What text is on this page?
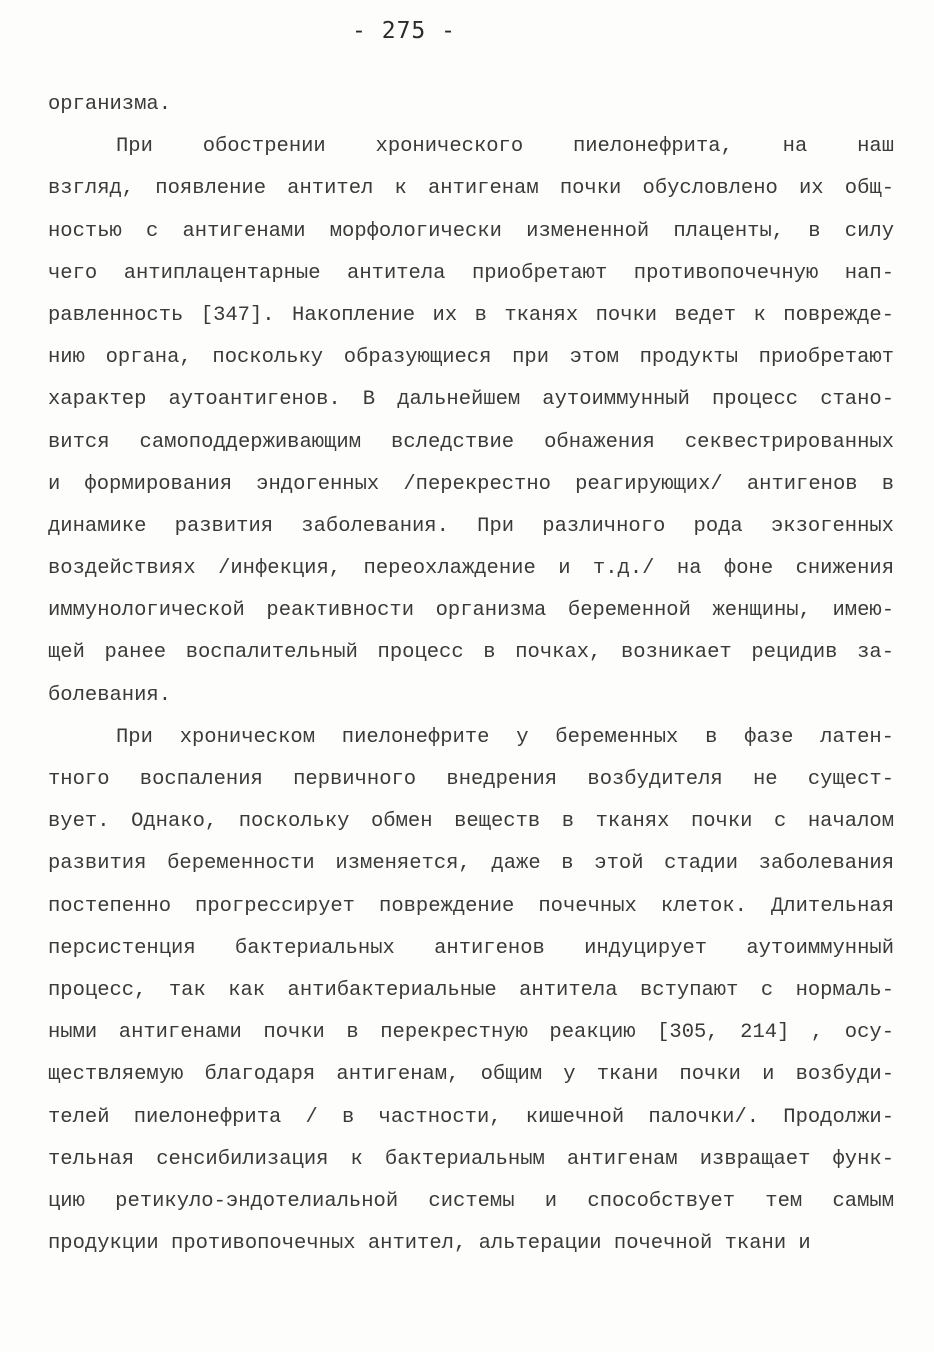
- 275 -
организма.
При обострении хронического пиелонефрита, на наш
взгляд, появление антител к антигенам почки обусловлено их общ-
ностью с антигенами морфологически измененной плаценты, в силу
чего антиплацентарные антитела приобретают противопочечную нап-
равленность [347]. Накопление их в тканях почки ведет к поврежде-
нию органа, поскольку образующиеся при этом продукты приобретают
характер аутоантигенов. В дальнейшем аутоиммунный процесс стано-
вится самоподдерживающим вследствие обнажения секвестрированных
и формирования эндогенных /перекрестно реагирующих/ антигенов в
динамике развития заболевания. При различного рода экзогенных
воздействиях /инфекция, переохлаждение и т.д./ на фоне снижения
иммунологической реактивности организма беременной женщины, имею-
щей ранее воспалительный процесс в почках, возникает рецидив за-
болевания.
При хроническом пиелонефрите у беременных в фазе латен-
тного воспаления первичного внедрения возбудителя не сущест-
вует. Однако, поскольку обмен веществ в тканях почки с началом
развития беременности изменяется, даже в этой стадии заболевания
постепенно прогрессирует повреждение почечных клеток. Длительная
персистенция бактериальных антигенов индуцирует аутоиммунный
процесс, так как антибактериальные антитела вступают с нормаль-
ными антигенами почки в перекрестную реакцию [305, 214] , осу-
ществляемую благодаря антигенам, общим у ткани почки и возбуди-
телей пиелонефрита / в частности, кишечной палочки/. Продолжи-
тельная сенсибилизация к бактериальным антигенам извращает функ-
цию ретикуло-эндотелиальной системы и способствует тем самым
продукции противопочечных антител, альтерации почечной ткани и
